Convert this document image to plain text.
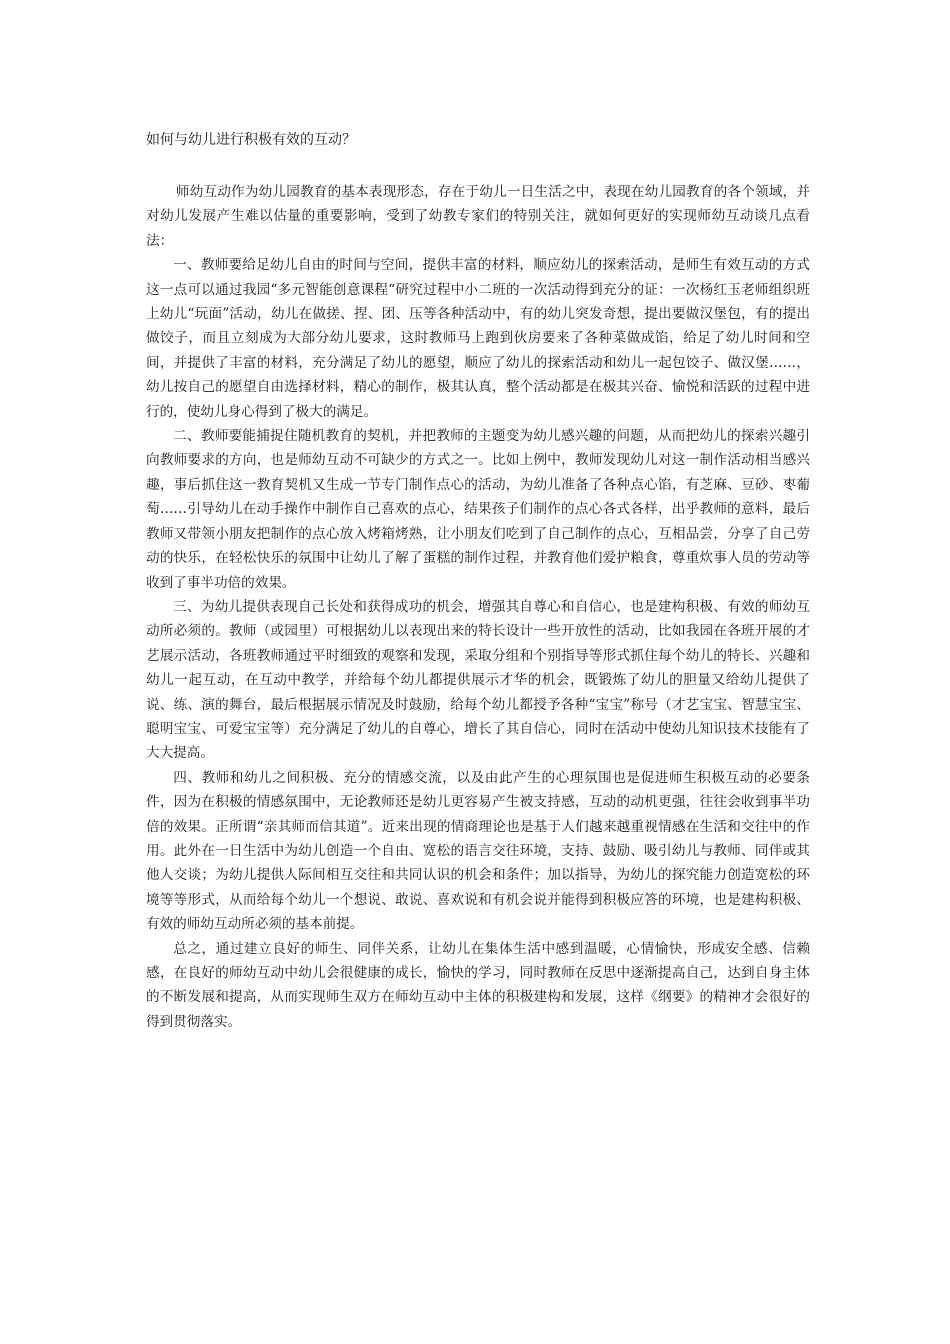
如何与幼儿进行积极有效的互动？

师幼互动作为幼儿园教育的基本表现形态，存在于幼儿一日生活之中，表现在幼儿园教育的各个领域，并对幼儿发展产生难以估量的重要影响，受到了幼教专家们的特别关注，就如何更好的实现师幼互动谈几点看法：

一、教师要给足幼儿自由的时间与空间，提供丰富的材料，顺应幼儿的探索活动，是师生有效互动的方式这一点可以通过我园“多元智能创意课程“研究过程中小二班的一次活动得到充分的证：一次杨红玉老师组织班上幼儿“玩面”活动，幼儿在做搓、捏、团、压等各种活动中，有的幼儿突发奇想，提出要做汉堡包，有的提出做饺子，而且立刻成为大部分幼儿要求，这时教师马上跑到伙房要来了各种菜做成馅，给足了幼儿时间和空间，并提供了丰富的材料，充分满足了幼儿的愿望，顺应了幼儿的探索活动和幼儿一起包饺子、做汉堡……，幼儿按自己的愿望自由选择材料，精心的制作，极其认真，整个活动都是在极其兴奋、愉悦和活跃的过程中进行的，使幼儿身心得到了极大的满足。

二、教师要能捕捉住随机教育的契机，并把教师的主题变为幼儿感兴趣的问题，从而把幼儿的探索兴趣引向教师要求的方向，也是师幼互动不可缺少的方式之一。比如上例中，教师发现幼儿对这一制作活动相当感兴趣，事后抓住这一教育契机又生成一节专门制作点心的活动，为幼儿准备了各种点心馅，有芝麻、豆砂、枣葡萄……引导幼儿在动手操作中制作自己喜欢的点心，结果孩子们制作的点心各式各样，出乎教师的意料，最后教师又带领小朋友把制作的点心放入烤箱烤熟，让小朋友们吃到了自己制作的点心，互相品尝，分享了自己劳动的快乐，在轻松快乐的氛围中让幼儿了解了蛋糕的制作过程，并教育他们爱护粮食，尊重炊事人员的劳动等收到了事半功倍的效果。

三、为幼儿提供表现自己长处和获得成功的机会，增强其自尊心和自信心，也是建构积极、有效的师幼互动所必须的。教师（或园里）可根据幼儿以表现出来的特长设计一些开放性的活动，比如我园在各班开展的才艺展示活动，各班教师通过平时细致的观察和发现，采取分组和个别指导等形式抓住每个幼儿的特长、兴趣和幼儿一起互动，在互动中教学，并给每个幼儿都提供展示才华的机会，既锻炼了幼儿的胆量又给幼儿提供了说、练、演的舞台，最后根据展示情况及时鼓励，给每个幼儿都授予各种“宝宝”称号（才艺宝宝、智慧宝宝、聪明宝宝、可爱宝宝等）充分满足了幼儿的自尊心，增长了其自信心，同时在活动中使幼儿知识技术技能有了大大提高。

四、教师和幼儿之间积极、充分的情感交流，以及由此产生的心理氛围也是促进师生积极互动的必要条件，因为在积极的情感氛围中，无论教师还是幼儿更容易产生被支持感，互动的动机更强，往往会收到事半功倍的效果。正所谓“亲其师而信其道”。近来出现的情商理论也是基于人们越来越重视情感在生活和交往中的作用。此外在一日生活中为幼儿创造一个自由、宽松的语言交往环境，支持、鼓励、吸引幼儿与教师、同伴或其他人交谈；为幼儿提供人际间相互交往和共同认识的机会和条件；加以指导，为幼儿的探究能力创造宽松的环境等等形式，从而给每个幼儿一个想说、敢说、喜欢说和有机会说并能得到积极应答的环境，也是建构积极、有效的师幼互动所必须的基本前提。

总之，通过建立良好的师生、同伴关系，让幼儿在集体生活中感到温暖，心情愉快，形成安全感、信赖感，在良好的师幼互动中幼儿会很健康的成长，愉快的学习，同时教师在反思中逐渐提高自己，达到自身主体的不断发展和提高，从而实现师生双方在师幼互动中主体的积极建构和发展，这样《纲要》的精神才会很好的得到贯彻落实。
